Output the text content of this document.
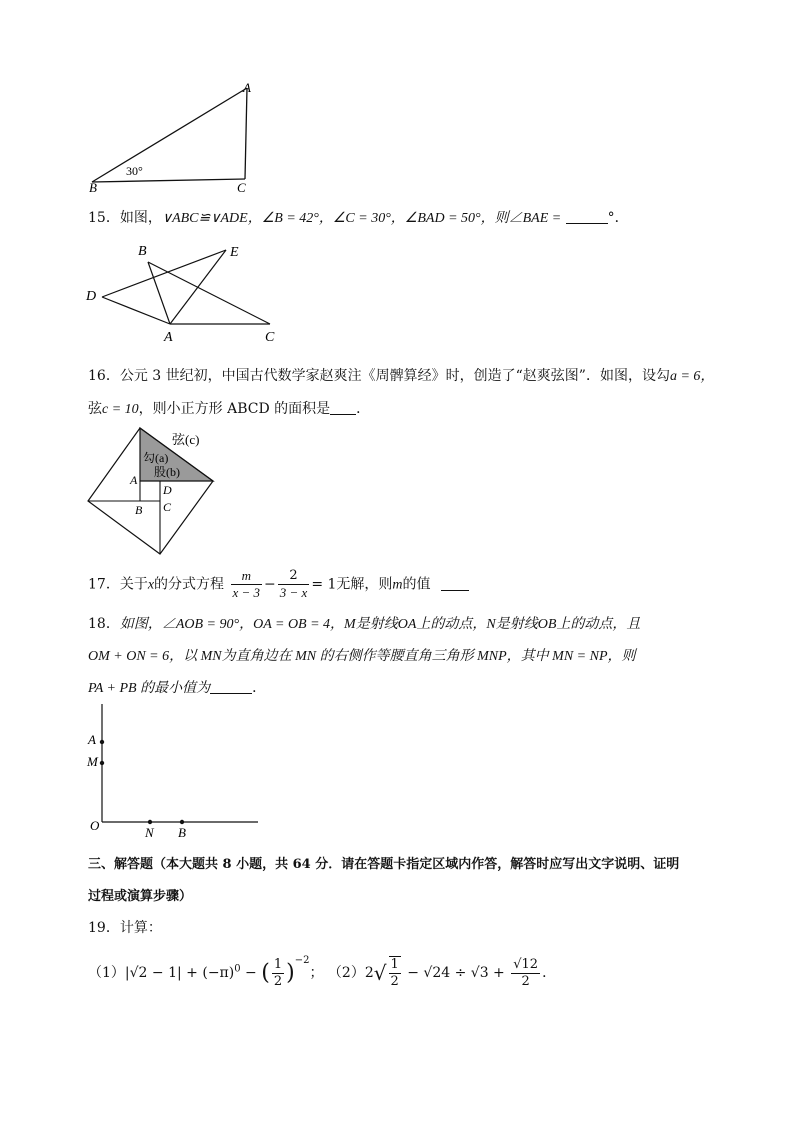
A
B	C
30°
15．如图，∨ABC≌∨ADE，∠B = 42°，∠C = 30°，∠BAD = 50°，则∠BAE =	°．
B	E
D
A	C
16．公元 3 世纪初，中国古代数学家赵爽注《周髀算经》时，创造了“赵爽弦图”．如图，设勾a = 6，
弦c = 10，则小正方形 ABCD 的面积是 ．
弦(c)
勾(a)
股(b)
A
D
B C
17．关于x的分式方程 $\frac{m}{x - 3} - \frac{2}{3 - x} = 1$无解，则m的值
18．如图，∠AOB = 90°，OA = OB = 4，M是射线OA上的动点，N是射线OB上的动点，且
OM + ON = 6，以 MN为直角边在 MN 的右侧作等腰直角三角形 MNP，其中 MN = NP，则
PA + PB 的最小值为	．
A
M
O	N B
三、解答题（本大题共 8 小题，共 64 分．请在答题卡指定区域内作答，解答时应写出文字说明、证明
过程或演算步骤）
19．计算：
$(1)|√2 - 1| + (-\pi)^0$ − ( $\frac{1}{2} )^{-2}$； $(2)2√ \frac{1}{2} - √24 \div √3 + \frac{√12}{2}$ ．
